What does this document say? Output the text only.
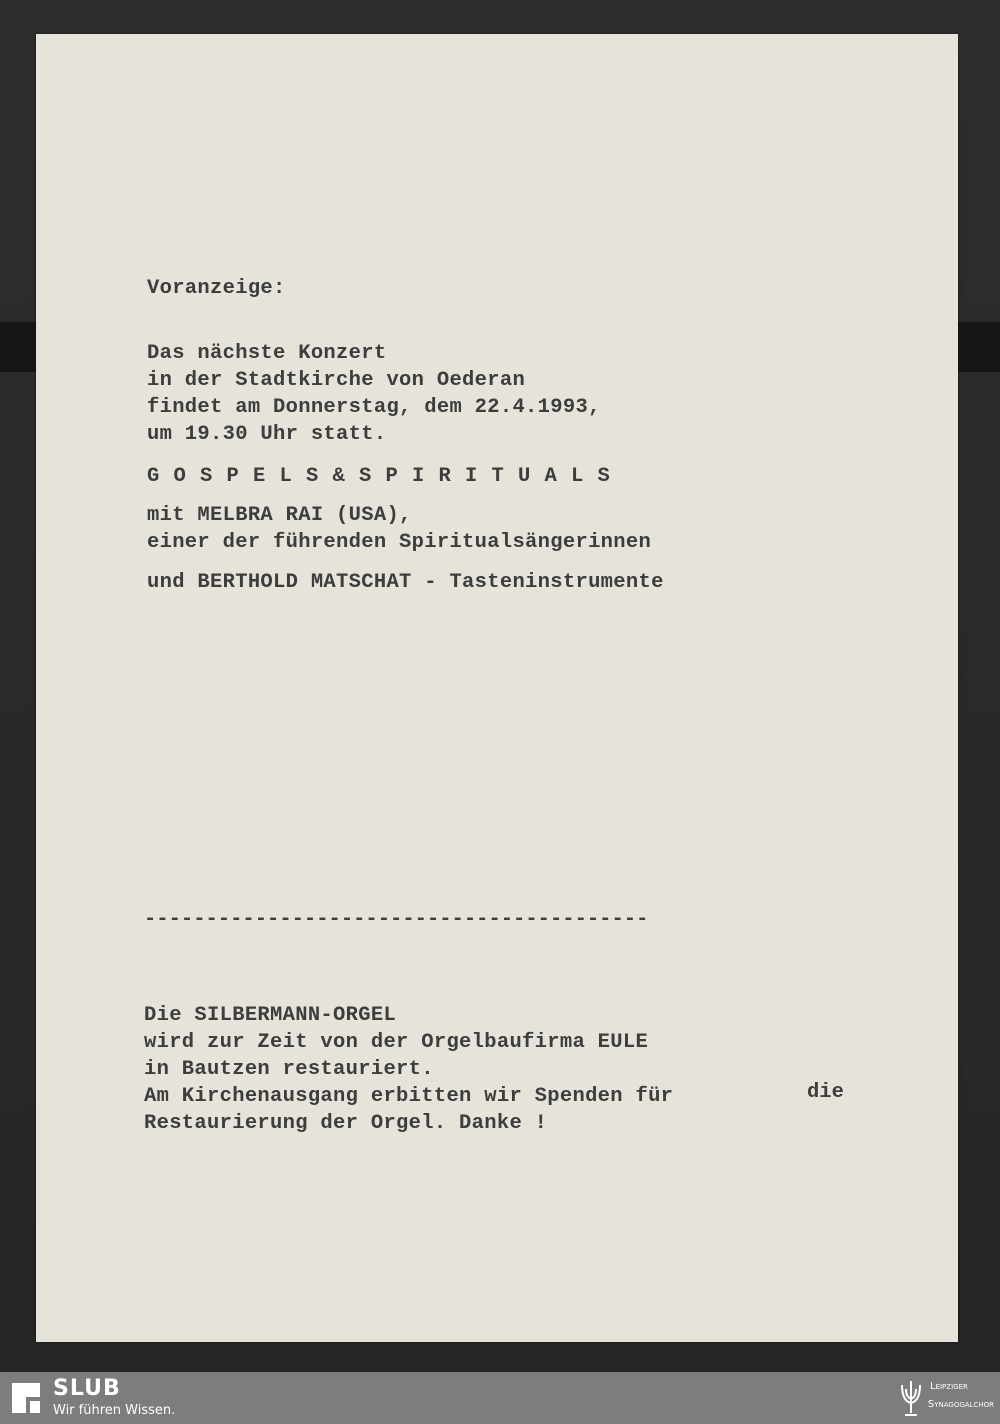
Voranzeige:

Das nächste Konzert

in der Stadtkirche von Oederan

findet am Donnerstag, dem 22.4.1993,

um 19.30 Uhr statt.

GOSPELS&SPIRITUALS

mit MELBRA RAI (USA),

einer der führenden Spiritualsängerinnen

und BERTHOLD MATSCHAT - Tasteninstrumente

-----------------------------------------

Die SILBERMANN-ORGEL

wird zur Zeit von der Orgelbaufirma EULE

in Bautzen restauriert.

Am Kirchenausgang erbitten wir Spenden für	die

Restaurierung der Orgel. Danke !

SLUB
Wir führen Wissen.
Leipziger
Synagogalchor
